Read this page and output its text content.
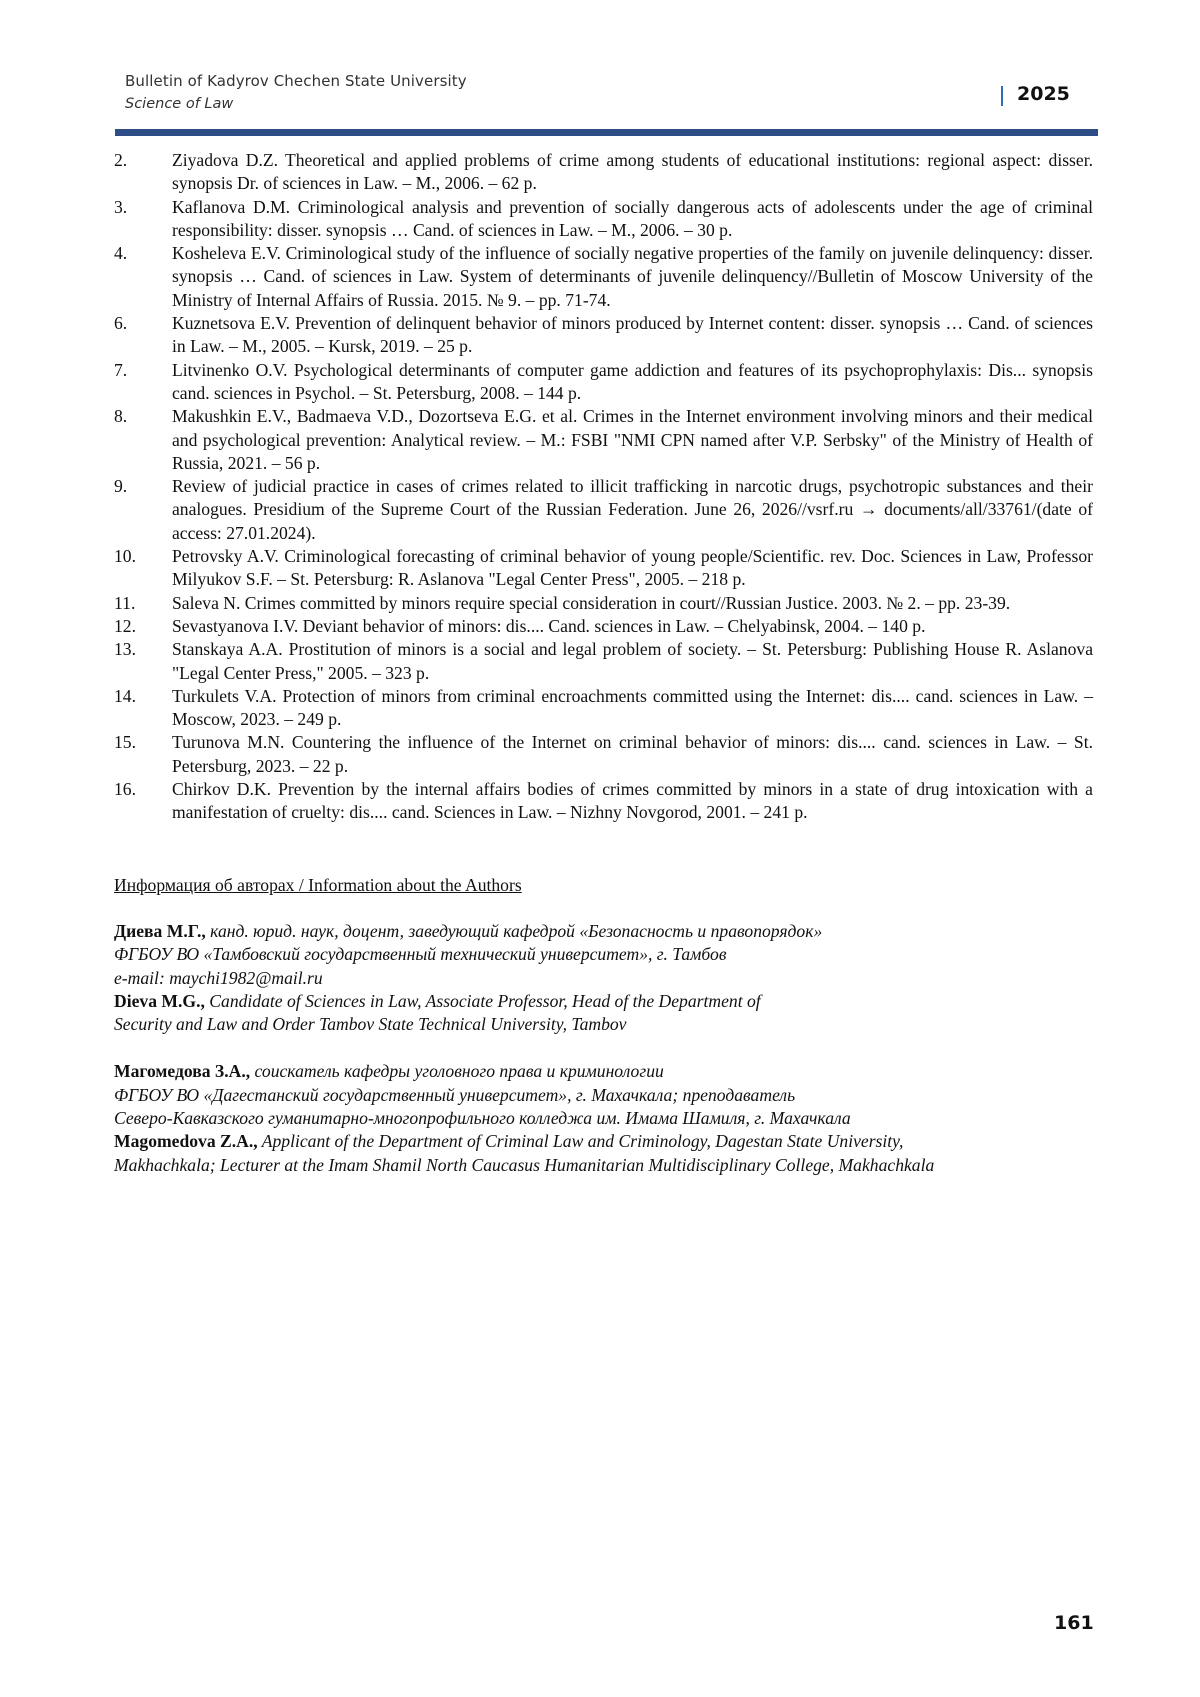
Bulletin of Kadyrov Chechen State University
Science of Law	2025
2.	Ziyadova D.Z. Theoretical and applied problems of crime among students of educational institutions: regional aspect: disser. synopsis Dr. of sciences in Law. – M., 2006. – 62 p.
3.	Kaflanova D.M. Criminological analysis and prevention of socially dangerous acts of adolescents under the age of criminal responsibility: disser. synopsis … Cand. of sciences in Law. – M., 2006. – 30 p.
4.	Kosheleva E.V. Criminological study of the influence of socially negative properties of the family on juvenile delinquency: disser. synopsis … Cand. of sciences in Law. System of determinants of juvenile delinquency//Bulletin of Moscow University of the Ministry of Internal Affairs of Russia. 2015. № 9. – pp. 71-74.
6.	Kuznetsova E.V. Prevention of delinquent behavior of minors produced by Internet content: disser. synopsis … Cand. of sciences in Law. – M., 2005. – Kursk, 2019. – 25 p.
7.	Litvinenko O.V. Psychological determinants of computer game addiction and features of its psychoprophylaxis: Dis... synopsis cand. sciences in Psychol. – St. Petersburg, 2008. – 144 p.
8.	Makushkin E.V., Badmaeva V.D., Dozortseva E.G. et al. Crimes in the Internet environment involving minors and their medical and psychological prevention: Analytical review. – M.: FSBI "NMI CPN named after V.P. Serbsky" of the Ministry of Health of Russia, 2021. – 56 p.
9.	Review of judicial practice in cases of crimes related to illicit trafficking in narcotic drugs, psychotropic substances and their analogues. Presidium of the Supreme Court of the Russian Federation. June 26, 2026//vsrf.ru → documents/all/33761/(date of access: 27.01.2024).
10. Petrovsky A.V. Criminological forecasting of criminal behavior of young people/Scientific. rev. Doc. Sciences in Law, Professor Milyukov S.F. – St. Petersburg: R. Aslanova "Legal Center Press", 2005. – 218 p.
11. Saleva N. Crimes committed by minors require special consideration in court//Russian Justice. 2003. № 2. – pp. 23-39.
12. Sevastyanova I.V. Deviant behavior of minors: dis.... Cand. sciences in Law. – Chelyabinsk, 2004. – 140 p.
13. Stanskaya A.A. Prostitution of minors is a social and legal problem of society. – St. Petersburg: Publishing House R. Aslanova "Legal Center Press," 2005. – 323 p.
14. Turkulets V.A. Protection of minors from criminal encroachments committed using the Internet: dis.... cand. sciences in Law. – Moscow, 2023. – 249 p.
15. Turunova M.N. Countering the influence of the Internet on criminal behavior of minors: dis.... cand. sciences in Law. – St. Petersburg, 2023. – 22 p.
16. Chirkov D.K. Prevention by the internal affairs bodies of crimes committed by minors in a state of drug intoxication with a manifestation of cruelty: dis.... cand. Sciences in Law. – Nizhny Novgorod, 2001. – 241 p.
Информация об авторах / Information about the Authors
Диева М.Г., канд. юрид. наук, доцент, заведующий кафедрой «Безопасность и правопорядок»
ФГБОУ ВО «Тамбовский государственный технический университет», г. Тамбов
e-mail: maychi1982@mail.ru
Dieva M.G., Candidate of Sciences in Law, Associate Professor, Head of the Department of
Security and Law and Order Tambov State Technical University, Tambov
Магомедова З.А., соискатель кафедры уголовного права и криминологии
ФГБОУ ВО «Дагестанский государственный университет», г. Махачкала; преподаватель
Северо-Кавказского гуманитарно-многопрофильного колледжа им. Имама Шамиля, г. Махачкала
Magomedova Z.A., Applicant of the Department of Criminal Law and Criminology, Dagestan State University,
Makhachkala; Lecturer at the Imam Shamil North Caucasus Humanitarian Multidisciplinary College, Makhachkala
161
